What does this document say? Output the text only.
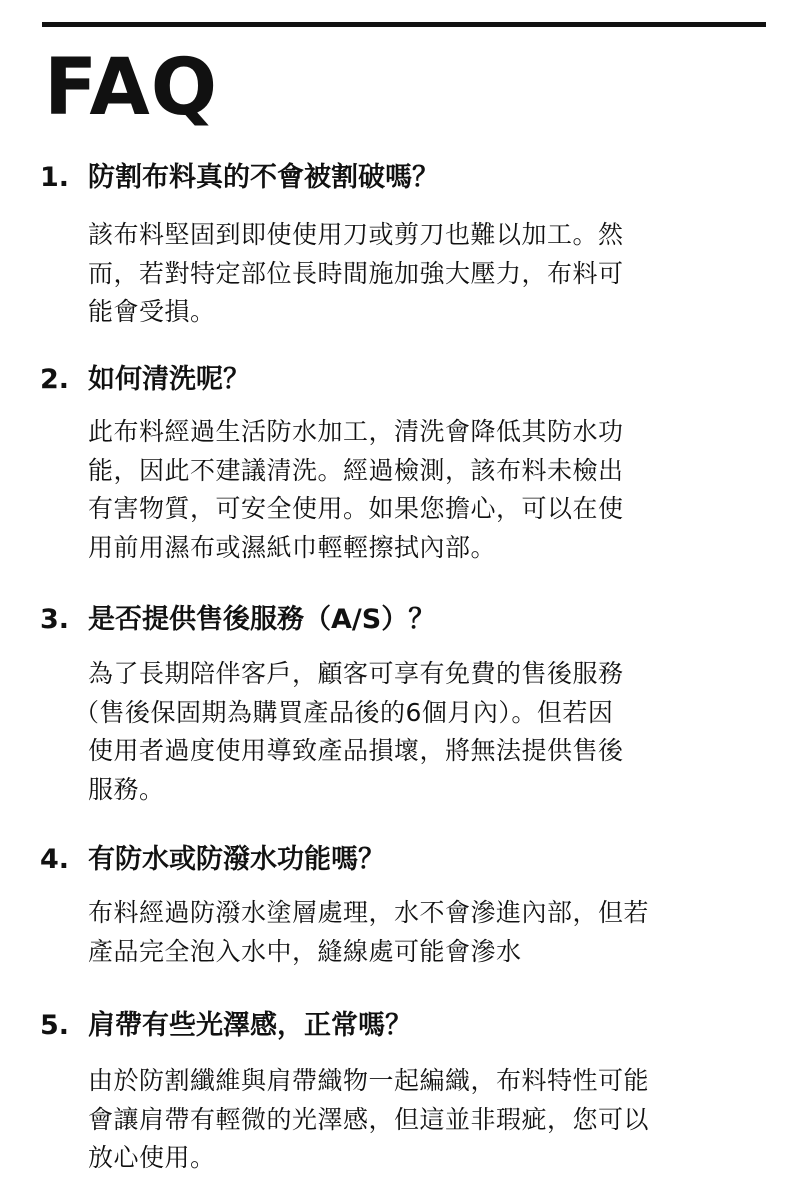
FAQ
1. 防割布料真的不會被割破嗎？

該布料堅固到即使使用刀或剪刀也難以加工。然
而，若對特定部位長時間施加強大壓力，布料可
能會受損。

2. 如何清洗呢？

此布料經過生活防水加工，清洗會降低其防水功
能，因此不建議清洗。經過檢測，該布料未檢出
有害物質，可安全使用。如果您擔心，可以在使
用前用濕布或濕紙巾輕輕擦拭內部。

3. 是否提供售後服務（A/S）？

為了長期陪伴客戶，顧客可享有免費的售後服務
（售後保固期為購買產品後的6個月內）。但若因
使用者過度使用導致產品損壞，將無法提供售後
服務。

4. 有防水或防潑水功能嗎？

布料經過防潑水塗層處理，水不會滲進內部，但若
產品完全泡入水中，縫線處可能會滲水

5. 肩帶有些光澤感，正常嗎？

由於防割纖維與肩帶織物一起編織，布料特性可能
會讓肩帶有輕微的光澤感，但這並非瑕疵，您可以
放心使用。
